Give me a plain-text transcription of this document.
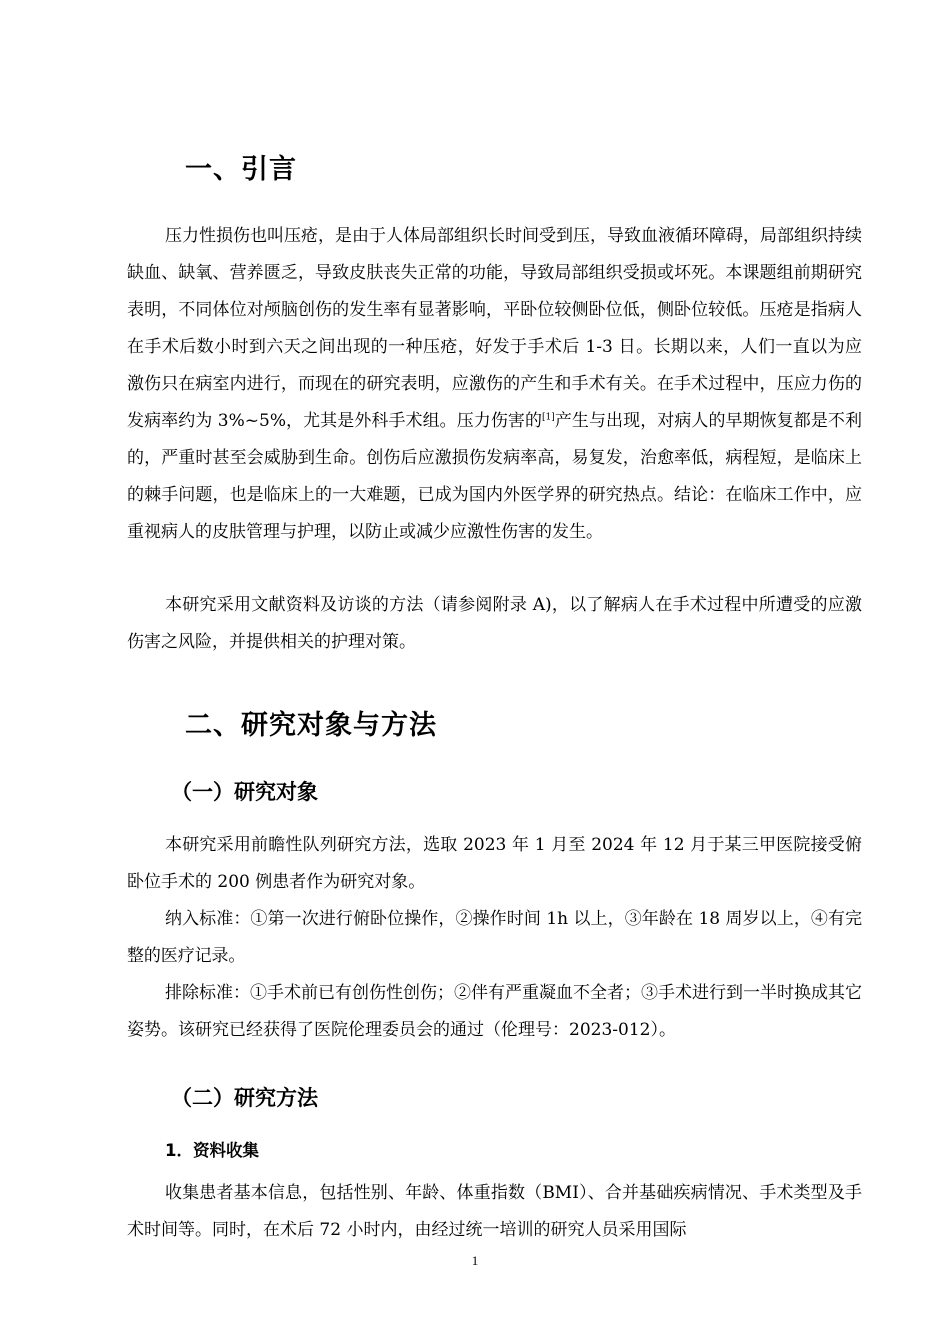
一、引言

压力性损伤也叫压疮，是由于人体局部组织长时间受到压，导致血液循环障碍，局部组织持续缺血、缺氧、营养匮乏，导致皮肤丧失正常的功能，导致局部组织受损或坏死。本课题组前期研究表明，不同体位对颅脑创伤的发生率有显著影响，平卧位较侧卧位低，侧卧位较低。压疮是指病人在手术后数小时到六天之间出现的一种压疮，好发于手术后 1-3 日。长期以来，人们一直以为应激伤只在病室内进行，而现在的研究表明，应激伤的产生和手术有关。在手术过程中，压应力伤的发病率约为 3%~5%，尤其是外科手术组。压力伤害的[1]产生与出现，对病人的早期恢复都是不利的，严重时甚至会威胁到生命。创伤后应激损伤发病率高，易复发，治愈率低，病程短，是临床上的棘手问题，也是临床上的一大难题，已成为国内外医学界的研究热点。结论：在临床工作中，应重视病人的皮肤管理与护理，以防止或减少应激性伤害的发生。

本研究采用文献资料及访谈的方法（请参阅附录 A)，以了解病人在手术过程中所遭受的应激伤害之风险，并提供相关的护理对策。

二、研究对象与方法
（一）研究对象

本研究采用前瞻性队列研究方法，选取 2023 年 1 月至 2024 年 12 月于某三甲医院接受俯卧位手术的 200 例患者作为研究对象。

纳入标准：①第一次进行俯卧位操作，②操作时间 1h 以上，③年龄在 18 周岁以上，④有完整的医疗记录。

排除标准：①手术前已有创伤性创伤；②伴有严重凝血不全者；③手术进行到一半时换成其它姿势。该研究已经获得了医院伦理委员会的通过（伦理号：2023-012）。

（二）研究方法
1．资料收集

收集患者基本信息，包括性别、年龄、体重指数（BMI）、合并基础疾病情况、手术类型及手术时间等。同时，在术后 72 小时内，由经过统一培训的研究人员采用国际

1
